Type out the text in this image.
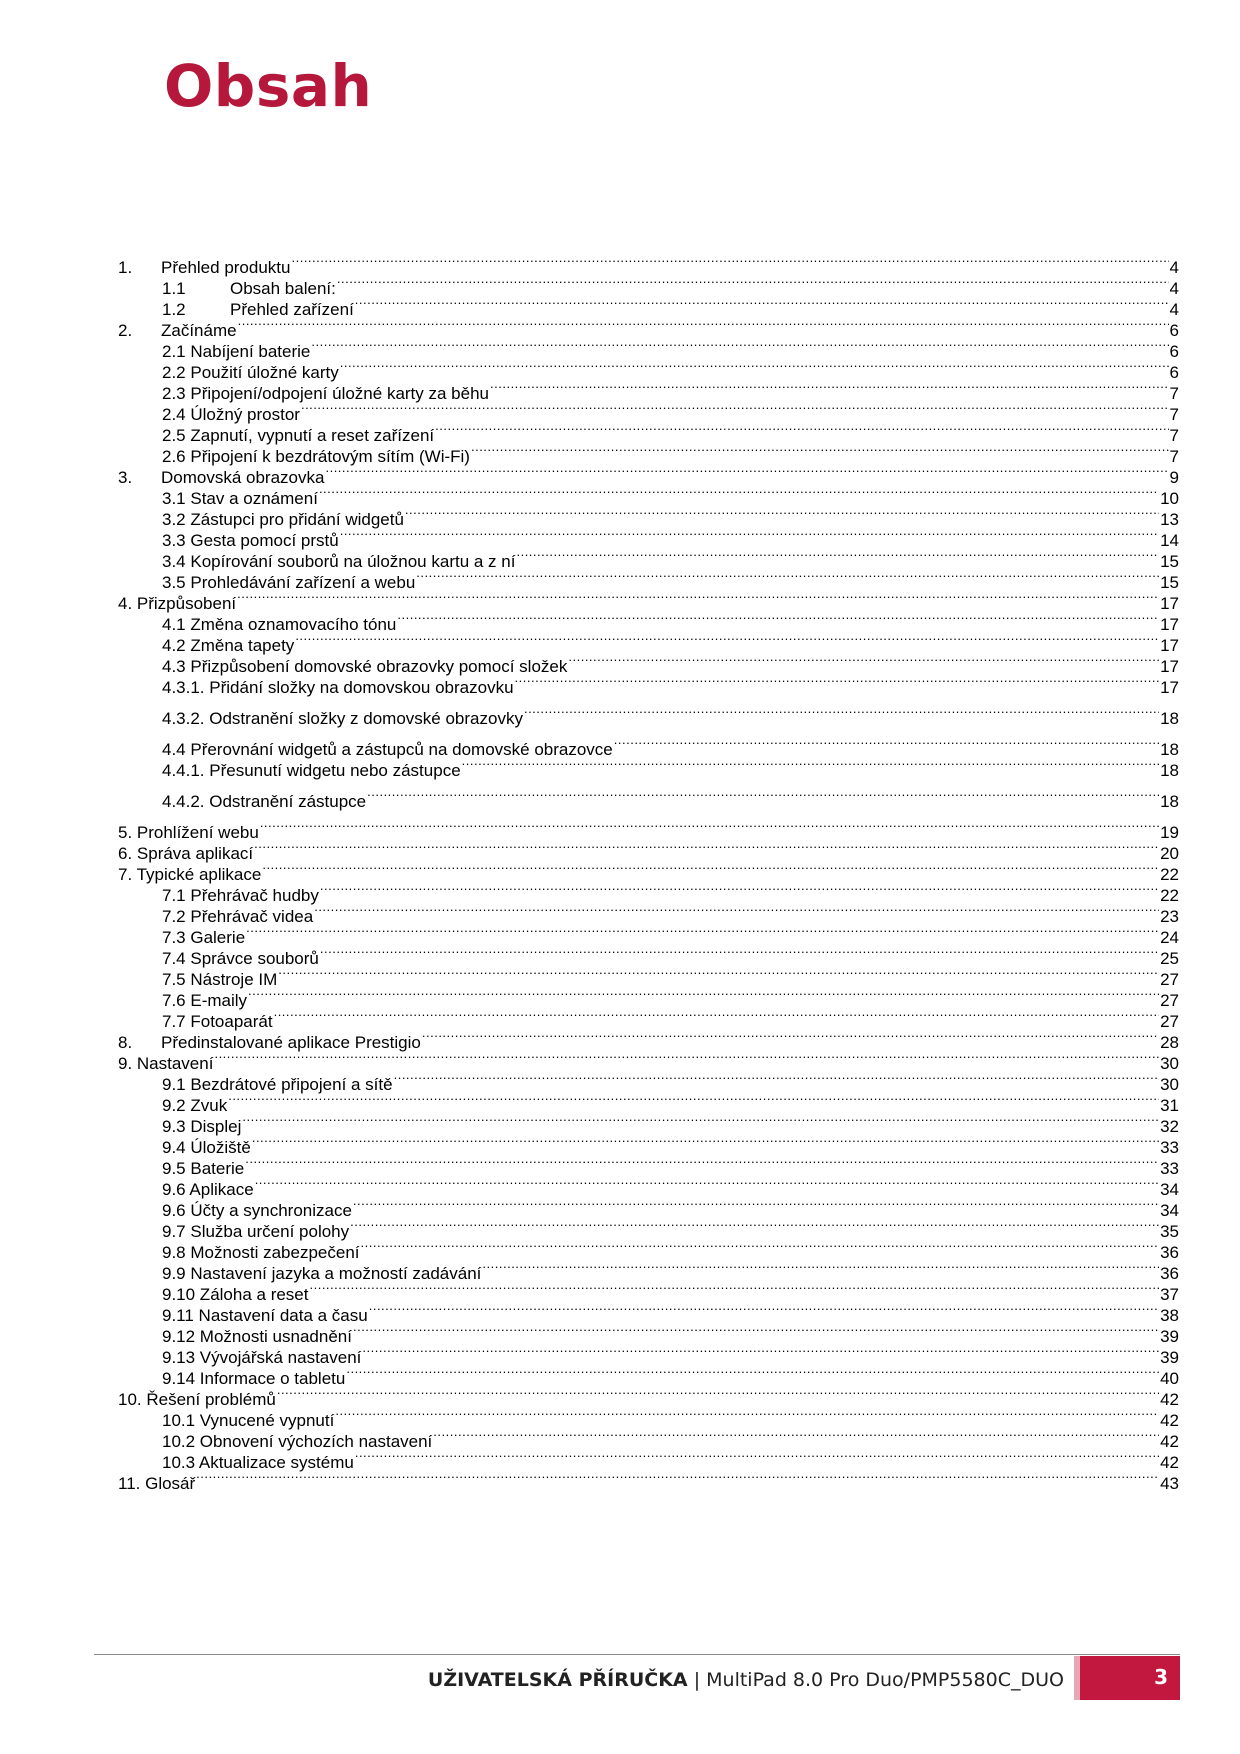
Obsah
1.	Přehled produktu .....	4
1.1	Obsah balení: .....	4
1.2	Přehled zařízení .....	4
2.	Začínáme .....	6
2.1 Nabíjení baterie .....	6
2.2 Použití úložné karty .....	6
2.3 Připojení/odpojení úložné karty za běhu .....	7
2.4 Úložný prostor .....	7
2.5 Zapnutí, vypnutí a reset zařízení .....	7
2.6 Připojení k bezdrátovým sítím (Wi-Fi) .....	7
3.	Domovská obrazovka .....	9
3.1 Stav a oznámení .....	10
3.2 Zástupci pro přidání widgetů .....	13
3.3 Gesta pomocí prstů .....	14
3.4 Kopírování souborů na úložnou kartu a z ní .....	15
3.5 Prohledávání zařízení a webu .....	15
4. Přizpůsobení .....	17
4.1 Změna oznamovacího tónu .....	17
4.2 Změna tapety .....	17
4.3 Přizpůsobení domovské obrazovky pomocí složek .....	17
4.3.1. Přidání složky na domovskou obrazovku .....	17
4.3.2. Odstranění složky z domovské obrazovky .....	18
4.4 Přerovnání widgetů a zástupců na domovské obrazovce .....	18
4.4.1. Přesunutí widgetu nebo zástupce .....	18
4.4.2. Odstranění zástupce .....	18
5. Prohlížení webu .....	19
6. Správa aplikací .....	20
7. Typické aplikace .....	22
7.1 Přehrávač hudby .....	22
7.2 Přehrávač videa .....	23
7.3 Galerie .....	24
7.4 Správce souborů .....	25
7.5 Nástroje IM .....	27
7.6 E-maily .....	27
7.7 Fotoaparát .....	27
8.	Předinstalované aplikace Prestigio .....	28
9. Nastavení .....	30
9.1 Bezdrátové připojení a sítě .....	30
9.2 Zvuk .....	31
9.3 Displej .....	32
9.4 Úložiště .....	33
9.5 Baterie .....	33
9.6 Aplikace .....	34
9.6 Účty a synchronizace .....	34
9.7 Služba určení polohy .....	35
9.8 Možnosti zabezpečení .....	36
9.9 Nastavení jazyka a možností zadávání .....	36
9.10 Záloha a reset .....	37
9.11 Nastavení data a času .....	38
9.12 Možnosti usnadnění .....	39
9.13 Vývojářská nastavení .....	39
9.14 Informace o tabletu .....	40
10. Řešení problémů .....	42
10.1 Vynucené vypnutí .....	42
10.2 Obnovení výchozích nastavení .....	42
10.3 Aktualizace systému .....	42
11. Glosář .....	43
UŽIVATELSKÁ PŘÍRUČKA | MultiPad 8.0 Pro Duo/PMP5580C_DUO	3
